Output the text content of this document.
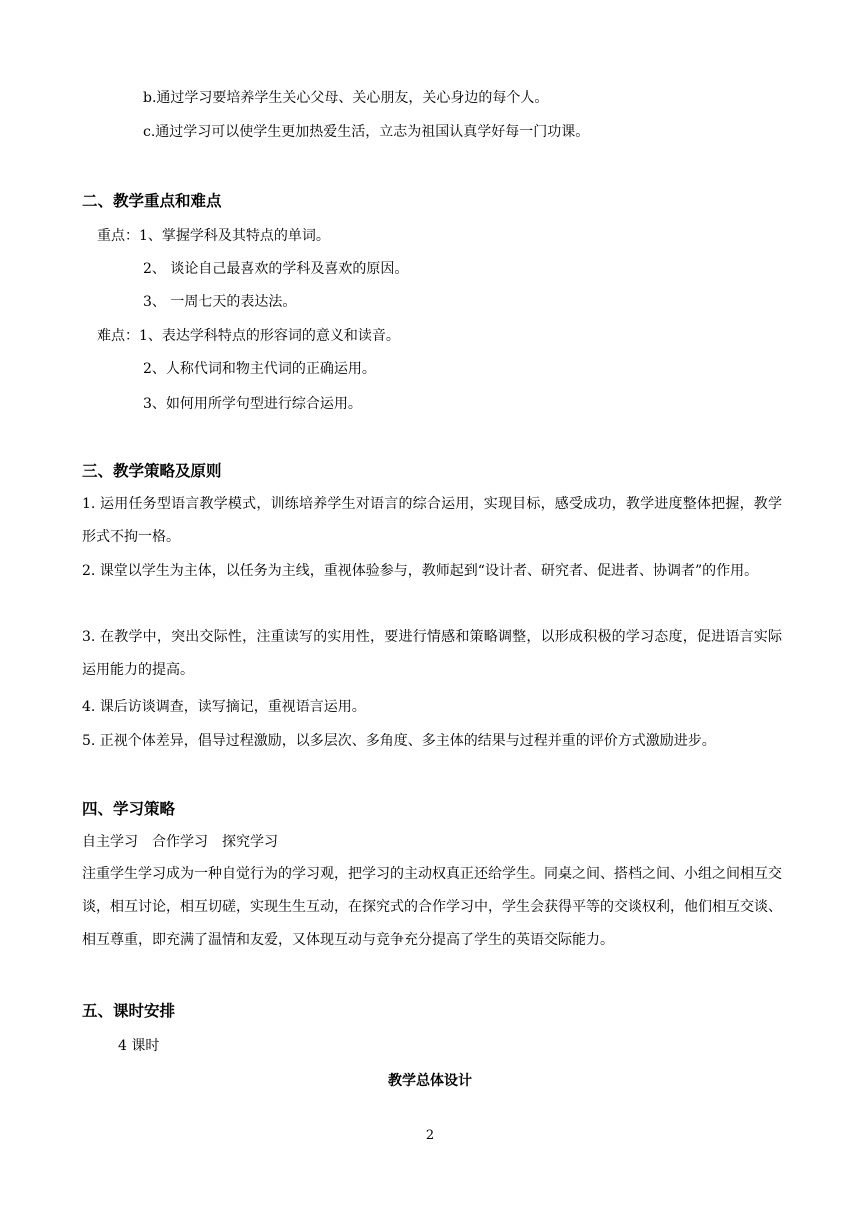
b.通过学习要培养学生关心父母、关心朋友，关心身边的每个人。
c.通过学习可以使学生更加热爱生活，立志为祖国认真学好每一门功课。
二、教学重点和难点
重点：1、掌握学科及其特点的单词。
2、 谈论自己最喜欢的学科及喜欢的原因。
3、 一周七天的表达法。
难点：1、表达学科特点的形容词的意义和读音。
2、人称代词和物主代词的正确运用。
3、如何用所学句型进行综合运用。
三、教学策略及原则
1. 运用任务型语言教学模式，训练培养学生对语言的综合运用，实现目标，感受成功，教学进度整体把握，教学形式不拘一格。
2. 课堂以学生为主体，以任务为主线，重视体验参与，教师起到“设计者、研究者、促进者、协调者”的作用。
3. 在教学中，突出交际性，注重读写的实用性，要进行情感和策略调整，以形成积极的学习态度，促进语言实际运用能力的提高。
4. 课后访谈调查，读写摘记，重视语言运用。
5. 正视个体差异，倡导过程激励，以多层次、多角度、多主体的结果与过程并重的评价方式激励进步。
四、学习策略
自主学习　合作学习　探究学习
注重学生学习成为一种自觉行为的学习观，把学习的主动权真正还给学生。同桌之间、搭档之间、小组之间相互交谈，相互讨论，相互切磋，实现生生互动，在探究式的合作学习中，学生会获得平等的交谈权利，他们相互交谈、相互尊重，即充满了温情和友爱，又体现互动与竞争充分提高了学生的英语交际能力。
五、课时安排
4 课时
教学总体设计
2
